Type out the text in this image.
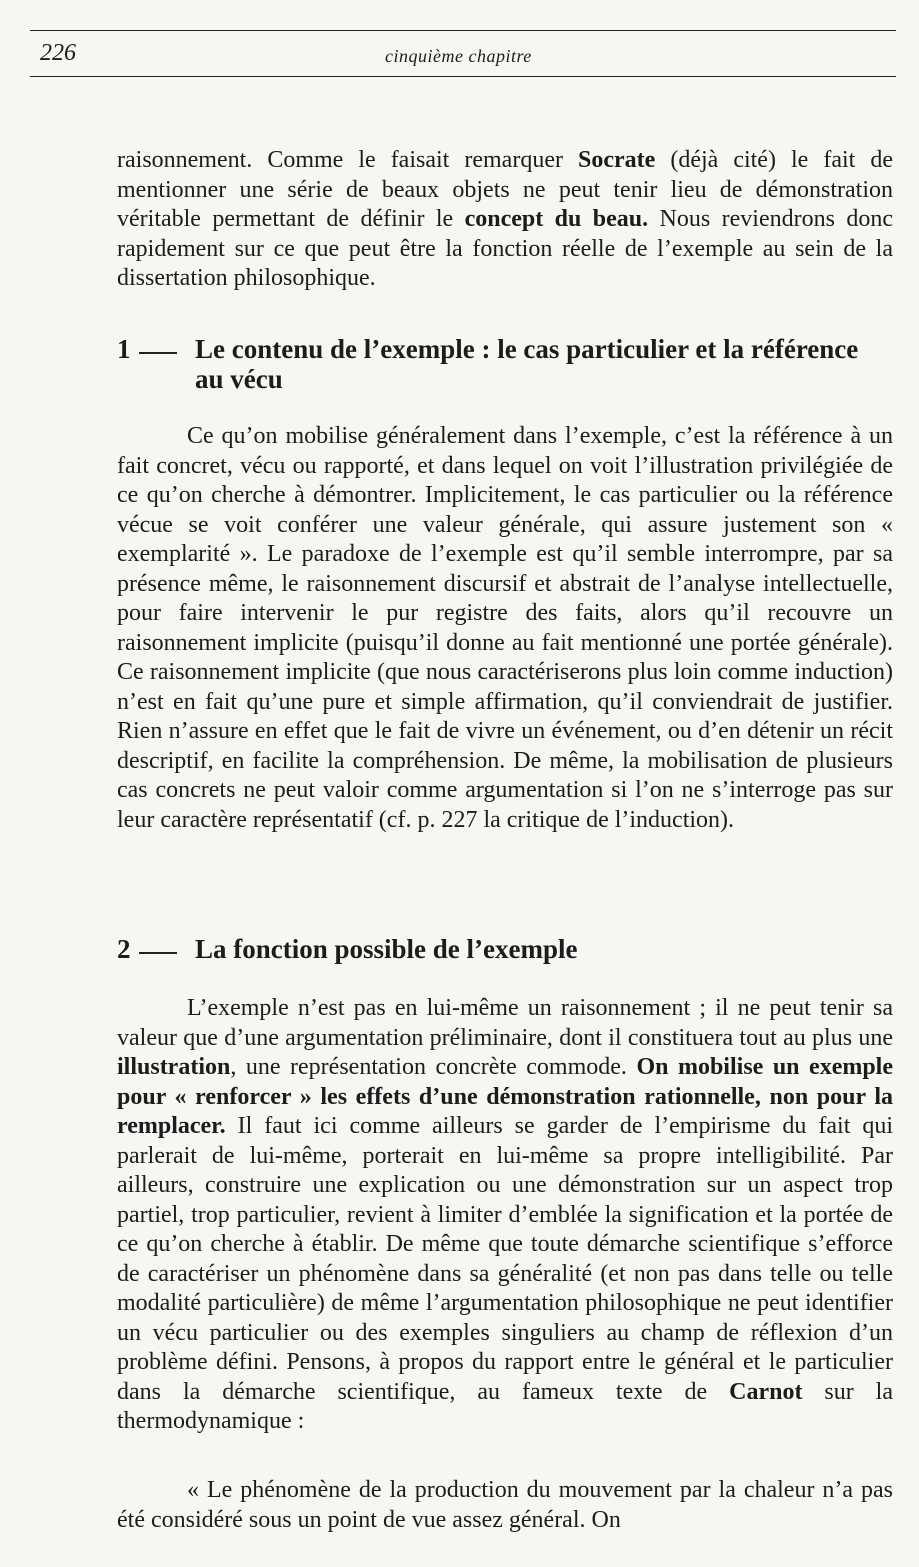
226	cinquième chapitre

raisonnement. Comme le faisait remarquer Socrate (déjà cité) le fait de mentionner une série de beaux objets ne peut tenir lieu de démonstration véritable permettant de définir le concept du beau. Nous reviendrons donc rapidement sur ce que peut être la fonction réelle de l’exemple au sein de la dissertation philosophique.

1	Le contenu de l’exemple : le cas particulier et la référence au vécu

Ce qu’on mobilise généralement dans l’exemple, c’est la référence à un fait concret, vécu ou rapporté, et dans lequel on voit l’illustration privilégiée de ce qu’on cherche à démontrer. Implicitement, le cas particulier ou la référence vécue se voit conférer une valeur générale, qui assure justement son « exemplarité ». Le paradoxe de l’exemple est qu’il semble interrompre, par sa présence même, le raisonnement discursif et abstrait de l’analyse intellectuelle, pour faire intervenir le pur registre des faits, alors qu’il recouvre un raisonnement implicite (puisqu’il donne au fait mentionné une portée générale). Ce raisonnement implicite (que nous caractériserons plus loin comme induction) n’est en fait qu’une pure et simple affirmation, qu’il conviendrait de justifier. Rien n’assure en effet que le fait de vivre un événement, ou d’en détenir un récit descriptif, en facilite la compréhension. De même, la mobilisation de plusieurs cas concrets ne peut valoir comme argumentation si l’on ne s’interroge pas sur leur caractère représentatif (cf. p. 227 la critique de l’induction).

2	La fonction possible de l’exemple

L’exemple n’est pas en lui-même un raisonnement ; il ne peut tenir sa valeur que d’une argumentation préliminaire, dont il constituera tout au plus une illustration, une représentation concrète commode. On mobilise un exemple pour « renforcer » les effets d’une démonstration rationnelle, non pour la remplacer. Il faut ici comme ailleurs se garder de l’empirisme du fait qui parlerait de lui-même, porterait en lui-même sa propre intelligibilité. Par ailleurs, construire une explication ou une démonstration sur un aspect trop partiel, trop particulier, revient à limiter d’emblée la signification et la portée de ce qu’on cherche à établir. De même que toute démarche scientifique s’efforce de caractériser un phénomène dans sa généralité (et non pas dans telle ou telle modalité particulière) de même l’argumentation philosophique ne peut identifier un vécu particulier ou des exemples singuliers au champ de réflexion d’un problème défini. Pensons, à propos du rapport entre le général et le particulier dans la démarche scientifique, au fameux texte de Carnot sur la thermodynamique :

« Le phénomène de la production du mouvement par la chaleur n’a pas été considéré sous un point de vue assez général. On
